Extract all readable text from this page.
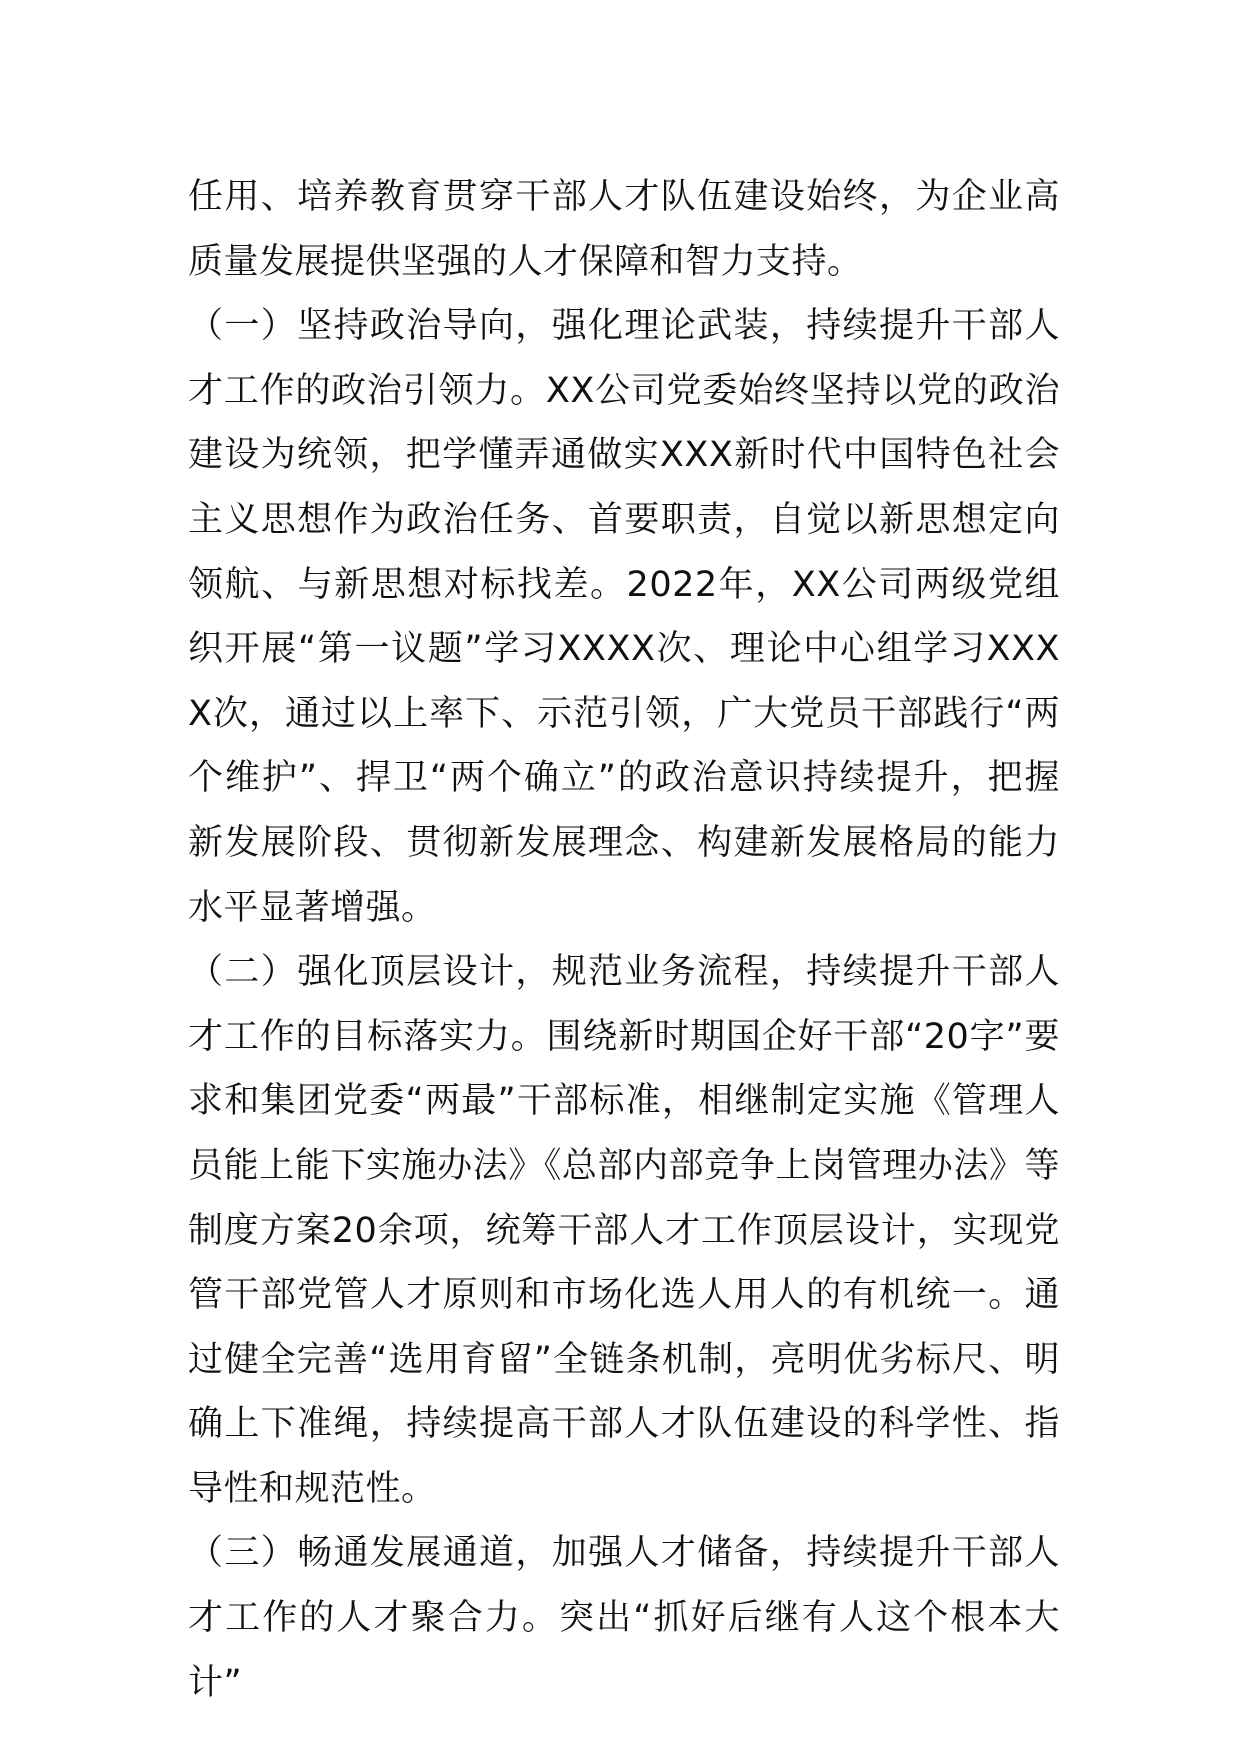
任用、培养教育贯穿干部人才队伍建设始终，为企业高质量发展提供坚强的人才保障和智力支持。

（一）坚持政治导向，强化理论武装，持续提升干部人才工作的政治引领力。XX公司党委始终坚持以党的政治建设为统领，把学懂弄通做实XXX新时代中国特色社会主义思想作为政治任务、首要职责，自觉以新思想定向领航、与新思想对标找差。2022年，XX公司两级党组织开展“第一议题”学习XXXX次、理论中心组学习XXXX次，通过以上率下、示范引领，广大党员干部践行“两个维护”、捍卫“两个确立”的政治意识持续提升，把握新发展阶段、贯彻新发展理念、构建新发展格局的能力水平显著增强。

（二）强化顶层设计，规范业务流程，持续提升干部人才工作的目标落实力。围绕新时期国企好干部“20字”要求和集团党委“两最”干部标准，相继制定实施《管理人员能上能下实施办法》《总部内部竞争上岗管理办法》等制度方案20余项，统筹干部人才工作顶层设计，实现党管干部党管人才原则和市场化选人用人的有机统一。通过健全完善“选用育留”全链条机制，亮明优劣标尺、明确上下准绳，持续提高干部人才队伍建设的科学性、指导性和规范性。

（三）畅通发展通道，加强人才储备，持续提升干部人才工作的人才聚合力。突出“抓好后继有人这个根本大计”
